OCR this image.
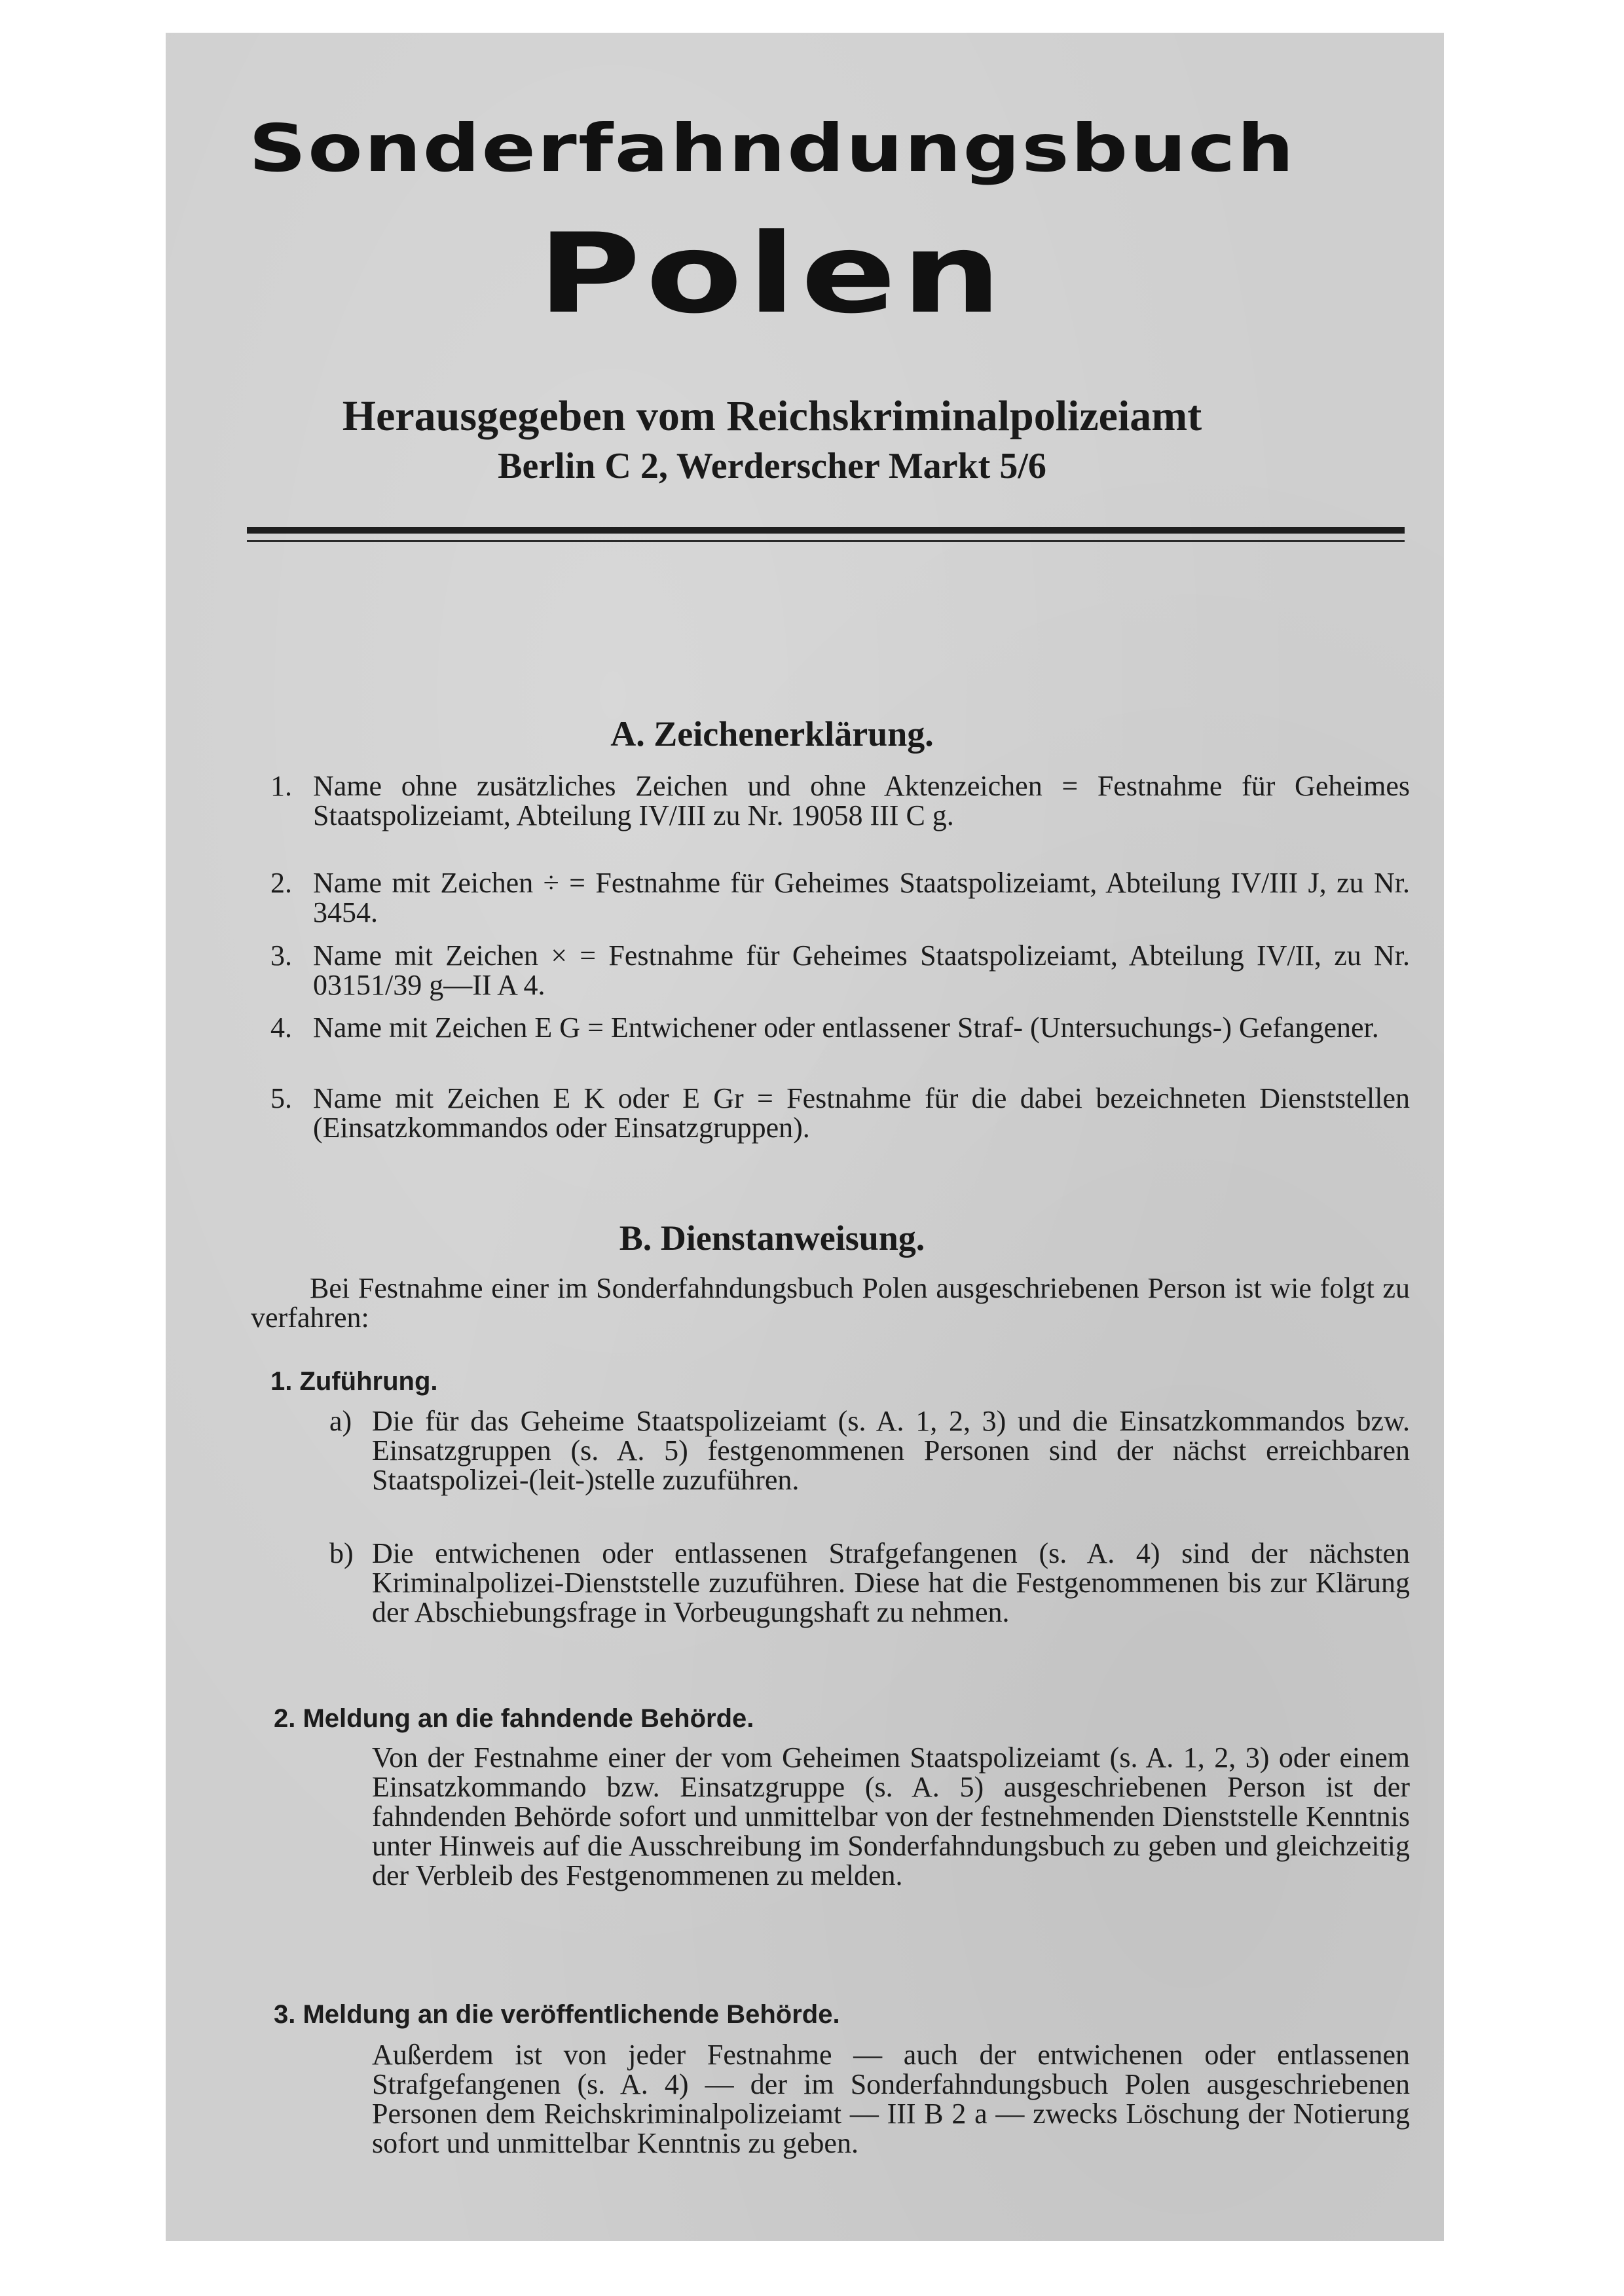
Sonderfahndungsbuch
Polen
Herausgegeben vom Reichskriminalpolizeiamt
Berlin C 2, Werderscher Markt 5/6
A. Zeichenerklärung.
1. Name ohne zusätzliches Zeichen und ohne Aktenzeichen = Festnahme für Geheimes Staatspolizeiamt, Abteilung IV/III zu Nr. 19058 III C g.
2. Name mit Zeichen ÷ = Festnahme für Geheimes Staatspolizeiamt, Abteilung IV/III J, zu Nr. 3454.
3. Name mit Zeichen × = Festnahme für Geheimes Staatspolizeiamt, Abteilung IV/II, zu Nr. 03151/39 g—II A 4.
4. Name mit Zeichen E G = Entwichener oder entlassener Straf- (Untersuchungs-) Gefangener.
5. Name mit Zeichen E K oder E Gr = Festnahme für die dabei bezeichneten Dienststellen (Einsatzkommandos oder Einsatzgruppen).
B. Dienstanweisung.
Bei Festnahme einer im Sonderfahndungsbuch Polen ausgeschriebenen Person ist wie folgt zu verfahren:
1. Zuführung.
a) Die für das Geheime Staatspolizeiamt (s. A. 1, 2, 3) und die Einsatzkommandos bzw. Einsatzgruppen (s. A. 5) festgenommenen Personen sind der nächst erreichbaren Staatspolizei-(leit-)stelle zuzuführen.
b) Die entwichenen oder entlassenen Strafgefangenen (s. A. 4) sind der nächsten Kriminalpolizei-Dienststelle zuzuführen. Diese hat die Festgenommenen bis zur Klärung der Abschiebungsfrage in Vorbeugungshaft zu nehmen.
2. Meldung an die fahndende Behörde.
Von der Festnahme einer der vom Geheimen Staatspolizeiamt (s. A. 1, 2, 3) oder einem Einsatzkommando bzw. Einsatzgruppe (s. A. 5) ausgeschriebenen Person ist der fahndenden Behörde sofort und unmittelbar von der festnehmenden Dienststelle Kenntnis unter Hinweis auf die Ausschreibung im Sonderfahndungsbuch zu geben und gleichzeitig der Verbleib des Festgenommenen zu melden.
3. Meldung an die veröffentlichende Behörde.
Außerdem ist von jeder Festnahme — auch der entwichenen oder entlassenen Strafgefangenen (s. A. 4) — der im Sonderfahndungsbuch Polen ausgeschriebenen Personen dem Reichskriminalpolizeiamt — III B 2 a — zwecks Löschung der Notierung sofort und unmittelbar Kenntnis zu geben.
